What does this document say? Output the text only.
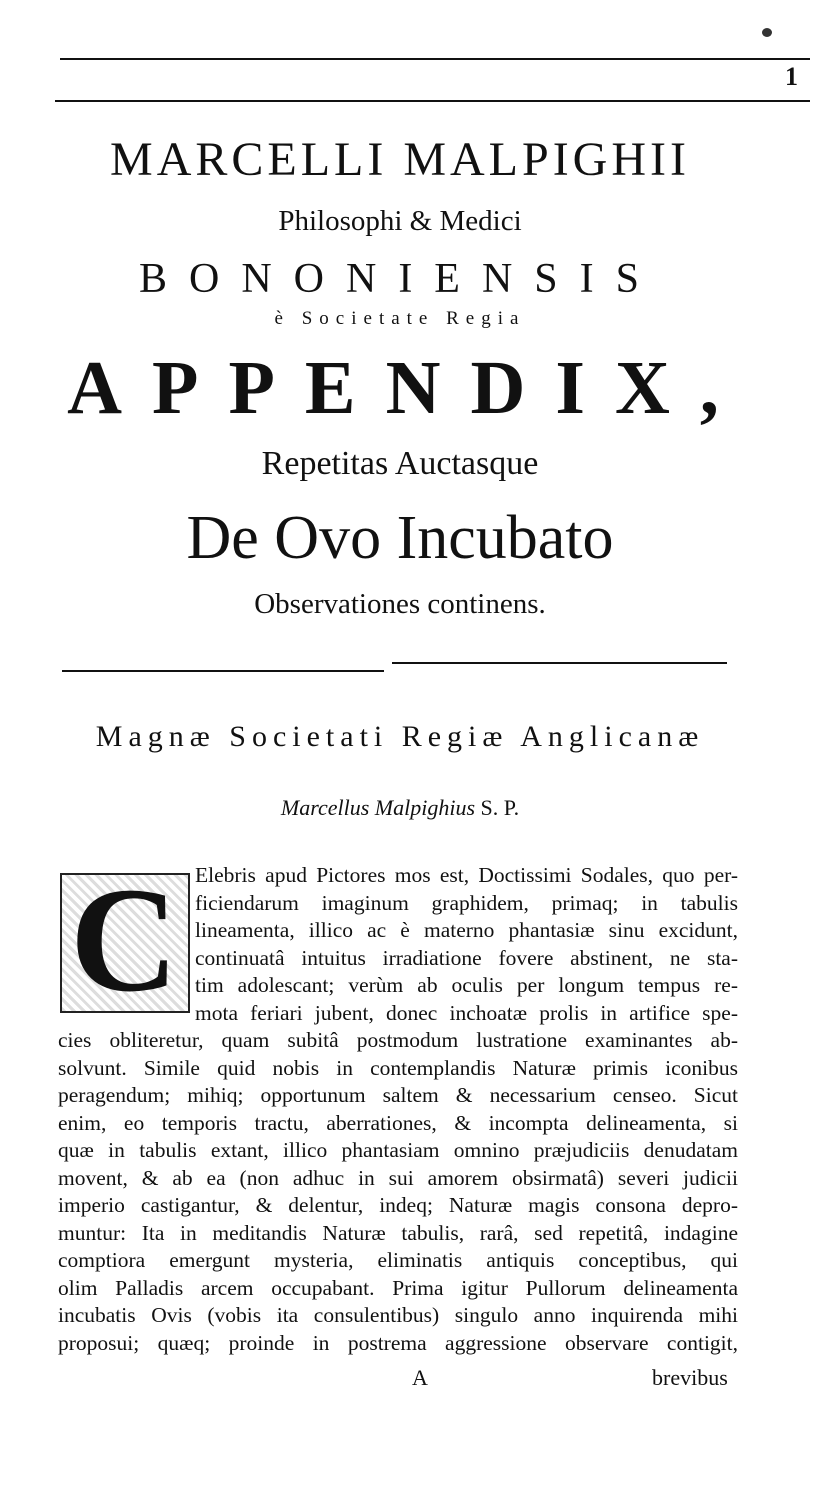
1
MARCELLI MALPIGHII
Philosophi & Medici
BONONIENSIS
è Societate Regia
APPENDIX,
Repetitas Auctasque
De Ovo Incubato
Observationes continens.
Magnæ Societati Regiæ Anglicanæ
Marcellus Malpighius S. P.
C Elebris apud Pictores mos est, Doctissimi Sodales, quo per-
ficiendarum imaginum graphidem, primaq; in tabulis
lineamenta, illico ac è materno phantasiæ sinu excidunt,
continuatâ intuitus irradiatione fovere abstinent, ne sta-
tim adolescant; verùm ab oculis per longum tempus re-
mota feriari jubent, donec inchoatæ prolis in artifice spe-
cies obliteretur, quam subitâ postmodum lustratione examinantes ab-
solvunt. Simile quid nobis in contemplandis Naturæ primis iconibus
peragendum; mihiq; opportunum saltem & necessarium censeo. Sicut
enim, eo temporis tractu, aberrationes, & incompta delineamenta, si
quæ in tabulis extant, illico phantasiam omnino præjudiciis denudatam
movent, & ab ea (non adhuc in sui amorem obsirmatâ) severi judicii
imperio castigantur, & delentur, indeq; Naturæ magis consona depro-
muntur: Ita in meditandis Naturæ tabulis, rarâ, sed repetitâ, indagine
comptiora emergunt mysteria, eliminatis antiquis conceptibus, qui
olim Palladis arcem occupabant. Prima igitur Pullorum delineamenta
incubatis Ovis (vobis ita consulentibus) singulo anno inquirenda mihi
proposui; quæq; proinde in postrema aggressione observare contigit,
A	brevibus
